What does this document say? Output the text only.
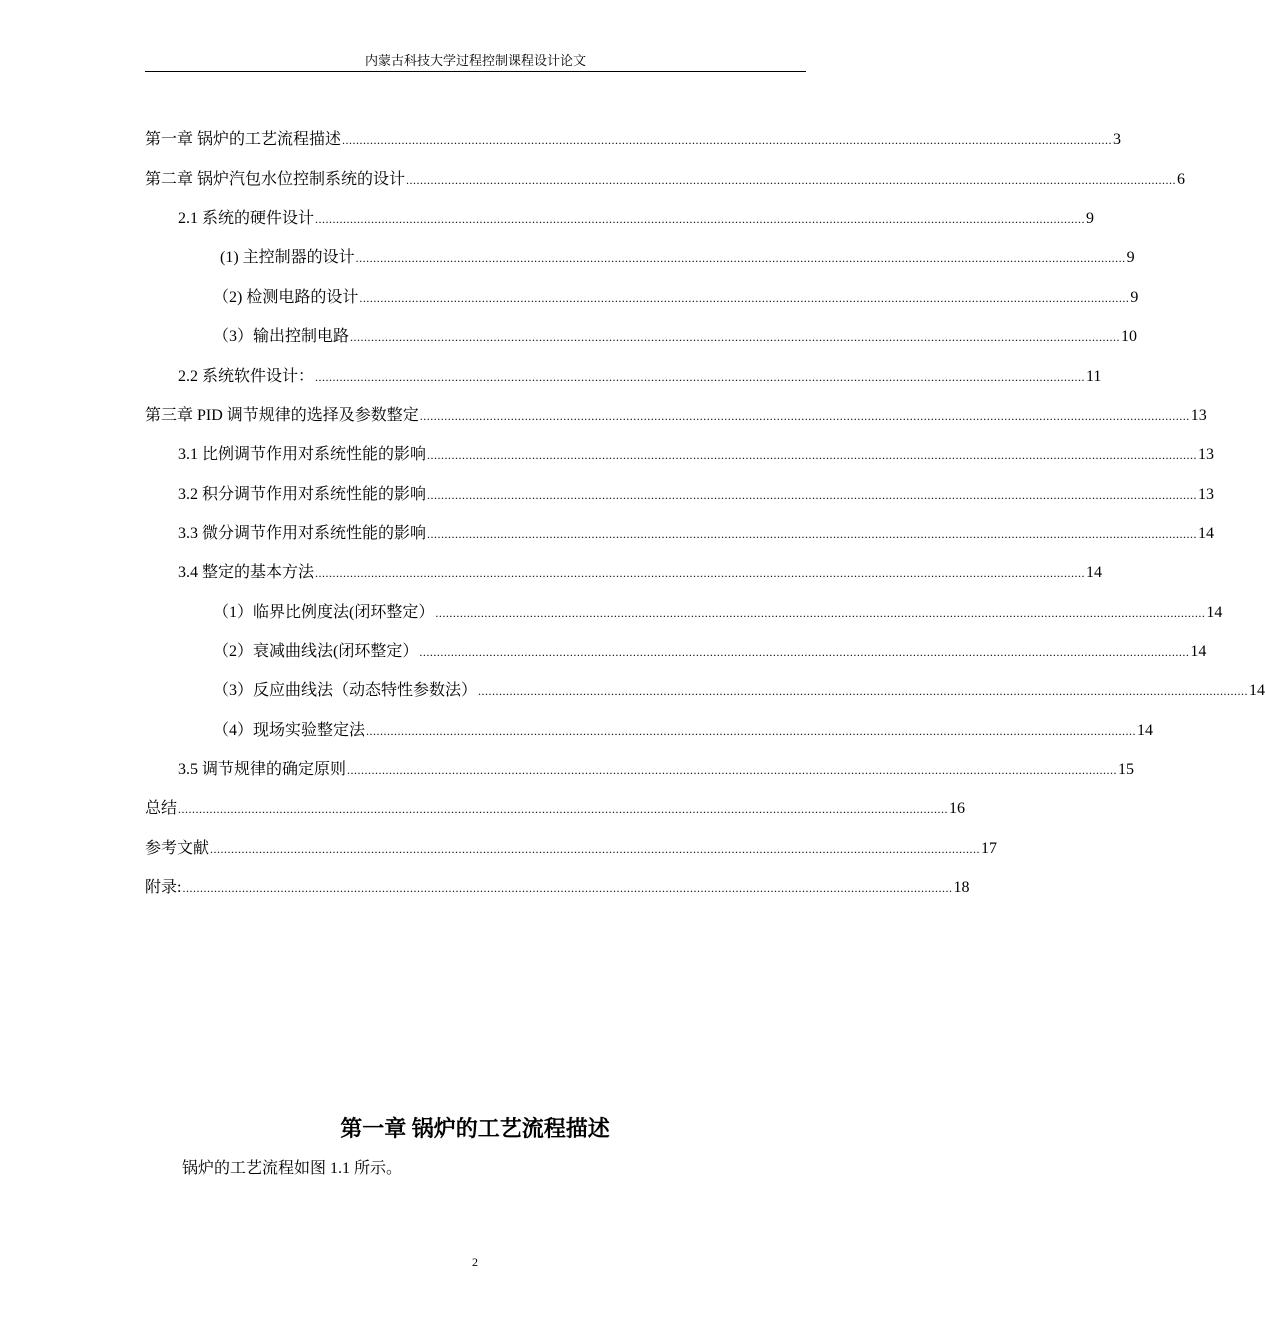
内蒙古科技大学过程控制课程设计论文
第一章 锅炉的工艺流程描述 ............................................................................................................................................................................................................................ 3
第二章 锅炉汽包水位控制系统的设计 ............................................................................................................................................................................................................................ 6
2.1 系统的硬件设计 ............................................................................................................................................................................................................................ 9
(1) 主控制器的设计 ............................................................................................................................................................................................................................ 9
（2) 检测电路的设计 ............................................................................................................................................................................................................................ 9
（3）输出控制电路 ............................................................................................................................................................................................................................ 10
2.2 系统软件设计： ............................................................................................................................................................................................................................ 11
第三章 PID 调节规律的选择及参数整定 ............................................................................................................................................................................................................................ 13
3.1 比例调节作用对系统性能的影响 ............................................................................................................................................................................................................................ 13
3.2 积分调节作用对系统性能的影响 ............................................................................................................................................................................................................................ 13
3.3 微分调节作用对系统性能的影响 ............................................................................................................................................................................................................................ 14
3.4 整定的基本方法 ............................................................................................................................................................................................................................ 14
（1）临界比例度法(闭环整定） ............................................................................................................................................................................................................................ 14
（2）衰减曲线法(闭环整定） ............................................................................................................................................................................................................................ 14
（3）反应曲线法（动态特性参数法） ............................................................................................................................................................................................................................ 14
（4）现场实验整定法 ............................................................................................................................................................................................................................ 14
3.5 调节规律的确定原则 ............................................................................................................................................................................................................................ 15
总结 ............................................................................................................................................................................................................................ 16
参考文献 ............................................................................................................................................................................................................................ 17
附录: ............................................................................................................................................................................................................................ 18
第一章 锅炉的工艺流程描述
锅炉的工艺流程如图 1.1 所示。
2
